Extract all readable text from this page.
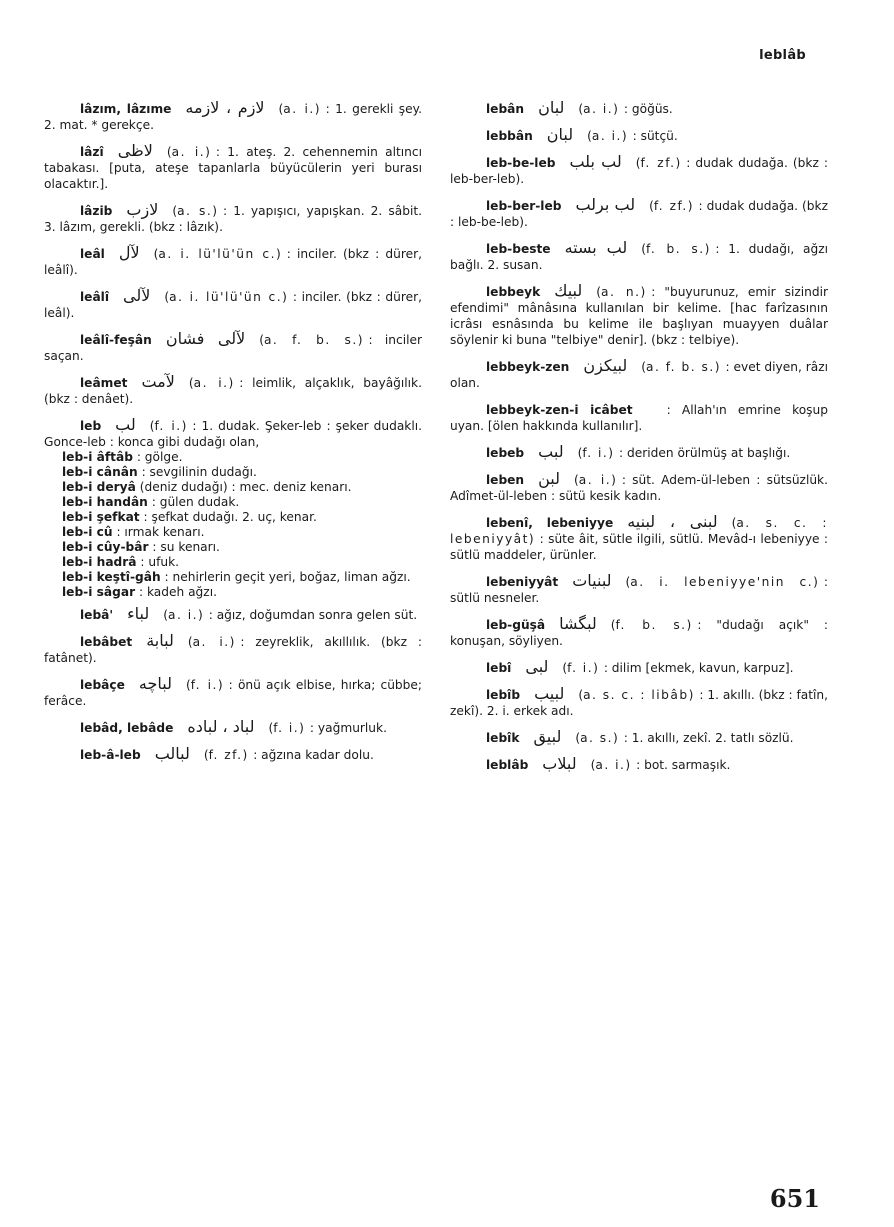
leblâb
lâzım, lâzıme لازم ، لازمه (a. i.) : 1. gerekli şey. 2. mat. * gerekçe.
lâzî لاظى (a. i.) : 1. ateş. 2. cehennemin altıncı tabakası. [puta, ateşe tapanlarla büyücülerin yeri burası olacaktır.].
lâzib لازب (a. s.) : 1. yapışıcı, yapışkan. 2. sâbit. 3. lâzım, gerekli. (bkz : lâzık).
leâl لآل (a. i. lü'lü'ün c.) : inciler. (bkz : dürer, leâlî).
leâlî لآلى (a. i. lü'lü'ün c.) : inciler. (bkz : dürer, leâl).
leâlî-feşân لآلى فشان (a. f. b. s.) : inciler saçan.
leâmet لآمت (a. i.) : leimlik, alçaklık, bayâğılık. (bkz : denâet).
leb لب (f. i.) : 1. dudak. Şeker-leb : şeker dudaklı. Gonce-leb : konca gibi dudağı olan,
leb-i âftâb : gölge.
leb-i cânân : sevgilinin dudağı.
leb-i deryâ (deniz dudağı) : mec. deniz kenarı.
leb-i handân : gülen dudak.
leb-i şefkat : şefkat dudağı. 2. uç, kenar.
leb-i cû : ırmak kenarı.
leb-i cûy-bâr : su kenarı.
leb-i hadrâ : ufuk.
leb-i keştî-gâh : nehirlerin geçit yeri, boğaz, liman ağzı.
leb-i sâgar : kadeh ağzı.
lebâ' لباء (a. i.) : ağız, doğumdan sonra gelen süt.
lebâbet لبابة (a. i.) : zeyreklik, akıllılık. (bkz : fatânet).
lebâçe لباچه (f. i.) : önü açık elbise, hırka; cübbe; ferâce.
lebâd, lebâde لباد ، لباده (f. i.) : yağmurluk.
leb-â-leb لبالب (f. zf.) : ağzına kadar dolu.
lebân لبان (a. i.) : göğüs.
lebbân لبان (a. i.) : sütçü.
leb-be-leb لب بلب (f. zf.) : dudak dudağa. (bkz : leb-ber-leb).
leb-ber-leb لب برلب (f. zf.) : dudak dudağa. (bkz : leb-be-leb).
leb-beste لب بسته (f. b. s.) : 1. dudağı, ağzı bağlı. 2. susan.
lebbeyk لبيك (a. n.) : "buyurunuz, emir sizindir efendimi" mânâsına kullanılan bir kelime. [hac farîzasının icrâsı esnâsında bu kelime ile başlıyan muayyen duâlar söylenir ki buna "telbiye" denir]. (bkz : telbiye).
lebbeyk-zen لبيكزن (a. f. b. s.) : evet diyen, râzı olan.
lebbeyk-zen-i icâbet	: Allah'ın emrine koşup uyan. [ölen hakkında kullanılır].
lebeb لبب (f. i.) : deriden örülmüş at başlığı.
leben لبن (a. i.) : süt. Adem-ül-leben : sütsüzlük. Adîmet-ül-leben : sütü kesik kadın.
lebenî, lebeniyye لبنى ، لبنيه (a. s. c. : lebeniyyât) : süte âit, sütle ilgili, sütlü. Mevâd-ı lebeniyye : sütlü maddeler, ürünler.
lebeniyyât لبنيات (a. i. lebeniyye'nin c.) : sütlü nesneler.
leb-güşâ لبگشا (f. b. s.) : "dudağı açık" : konuşan, söyliyen.
lebî لبى (f. i.) : dilim [ekmek, kavun, karpuz].
lebîb لبيب (a. s. c. : libâb) : 1. akıllı. (bkz : fatîn, zekî). 2. i. erkek adı.
lebîk لبيق (a. s.) : 1. akıllı, zekî. 2. tatlı sözlü.
leblâb لبلاب (a. i.) : bot. sarmaşık.
651
